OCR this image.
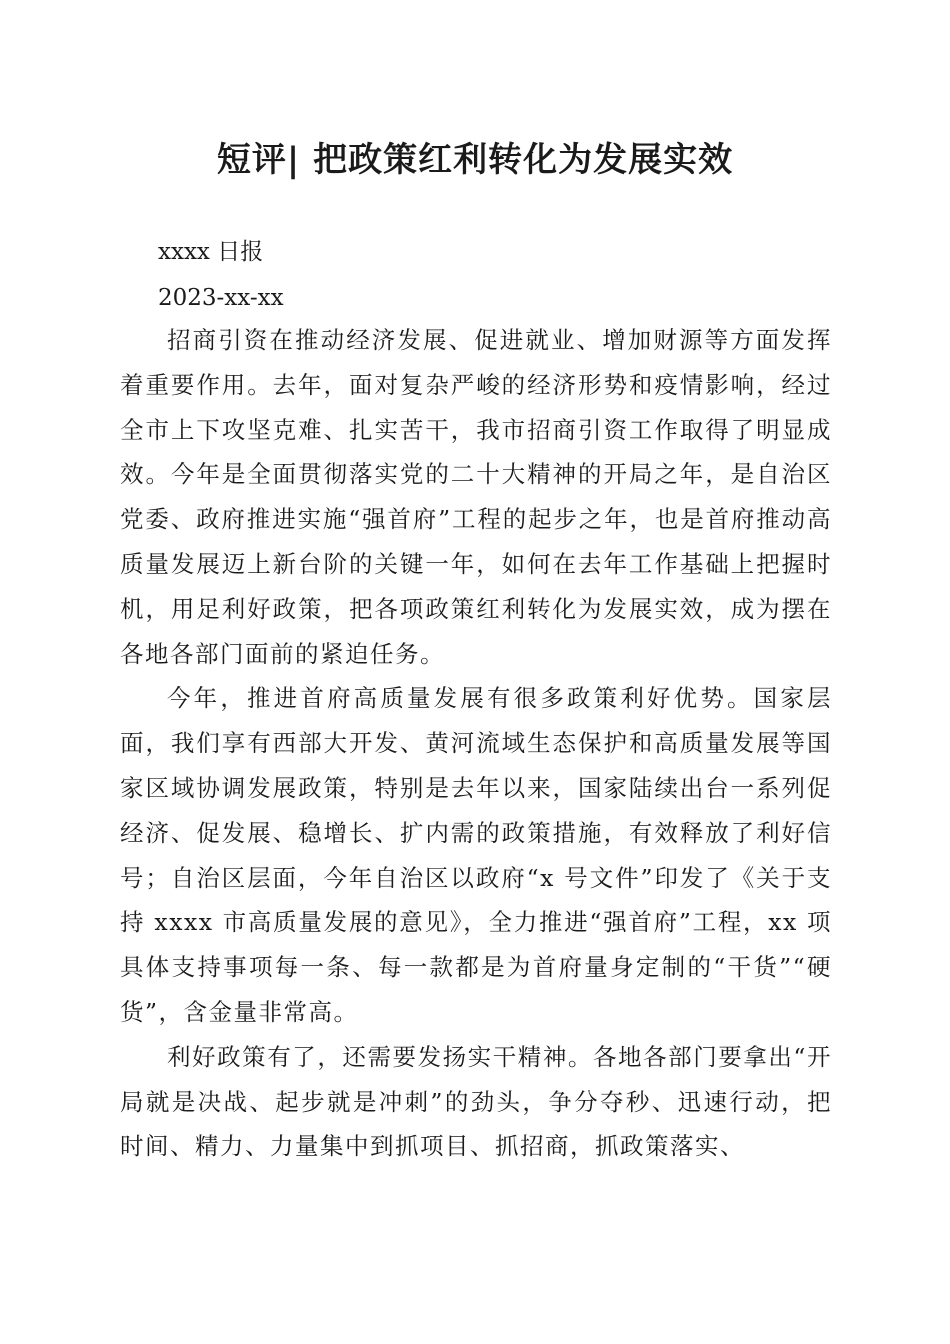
短评| 把政策红利转化为发展实效

xxxx 日报

2023-xx-xx

招商引资在推动经济发展、促进就业、增加财源等方面发挥着重要作用。去年，面对复杂严峻的经济形势和疫情影响，经过全市上下攻坚克难、扎实苦干，我市招商引资工作取得了明显成效。今年是全面贯彻落实党的二十大精神的开局之年，是自治区党委、政府推进实施“强首府”工程的起步之年，也是首府推动高质量发展迈上新台阶的关键一年，如何在去年工作基础上把握时机，用足利好政策，把各项政策红利转化为发展实效，成为摆在各地各部门面前的紧迫任务。

今年，推进首府高质量发展有很多政策利好优势。国家层面，我们享有西部大开发、黄河流域生态保护和高质量发展等国家区域协调发展政策，特别是去年以来，国家陆续出台一系列促经济、促发展、稳增长、扩内需的政策措施，有效释放了利好信号；自治区层面，今年自治区以政府“x 号文件”印发了《关于支持 xxxx 市高质量发展的意见》，全力推进“强首府”工程，xx 项具体支持事项每一条、每一款都是为首府量身定制的“干货”“硬货”，含金量非常高。

利好政策有了，还需要发扬实干精神。各地各部门要拿出“开局就是决战、起步就是冲刺”的劲头，争分夺秒、迅速行动，把时间、精力、力量集中到抓项目、抓招商，抓政策落实、
